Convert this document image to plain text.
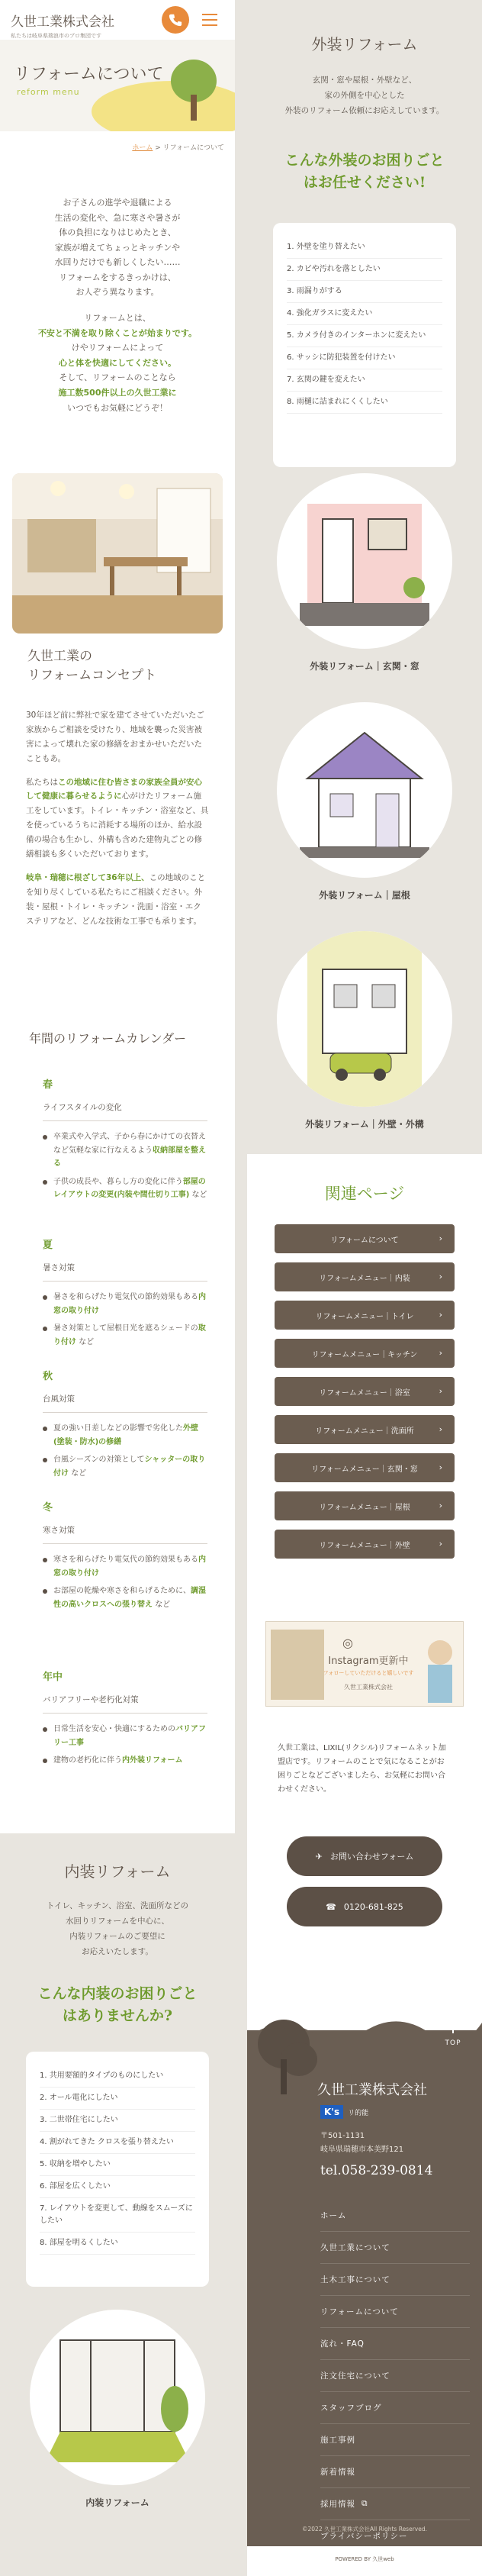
久世工業株式会社
私たちは岐阜県瑞浪市のプロ集団です
リフォームについて
reform menu
ホーム > リフォームについて
お子さんの進学や退職による
生活の変化や、急に寒さや暑さが
体の負担になりはじめたとき、
家族が増えてちょっとキッチンや
水回りだけでも新しくしたい……
リフォームをするきっかけは、
お人ぞう異なります。
リフォームとは、
不安と不満を取り除くことが始まりです。
けやリフォームによって
心と体を快適にしてください。
そして、リフォームのことなら
施工数500件以上の久世工業に
いつでもお気軽にどうぞ！
久世工業の
リフォームコンセプト

30年ほど前に弊社で家を建てさせていただいたご家族からご相談を受けたり、地域を襲った災害被害によって壊れた家の修繕をおまかせいただいたこともあ。

私たちはこの地域に住む皆さまの家族全員が安心して健康に暮らせるように心がけたリフォーム施工をしています。トイレ・キッチン・浴室など、具を使っているうちに消耗する場所のほか、給水設備の場合も生かし、外構も含めた建物丸ごとの修繕相談も多くいただいております。

岐阜・瑞穂に根ざして36年以上、この地域のことを知り尽くしている私たちにご相談ください。外装・屋根・トイレ・キッチン・洗面・浴室・エクステリアなど、どんな技術な工事でも承ります。

年間のリフォームカレンダー
春
ライフスタイルの変化
卒業式や入学式、子から春にかけての衣替え など気軽な家に行なえるよう収納部屋を整える
子供の成長や、暮らし方の変化に伴う部屋のレイアウトの変更(内装や間仕切り工事) など
夏
暑さ対策
暑さを和らげたり電気代の節約効果もある内窓の取り付け
暑さ対策として屋根日光を遮るシェードの取り付け など
秋
台風対策
夏の強い日差しなどの影響で劣化した外壁(塗装・防水)の修繕
台風シーズンの対策としてシャッターの取り付け など
冬
寒さ対策
寒さを和らげたり電気代の節約効果もある内窓の取り付け
お部屋の乾燥や寒さを和らげるために、調湿性の高いクロスへの張り替え など
年中
バリアフリーや老朽化対策
日常生活を安心・快適にするためのバリアフリー工事
建物の老朽化に伴う内外装リフォーム
内装リフォーム
トイレ、キッチン、浴室、洗面所などの
水回りリフォームを中心に、
内装リフォームのご要望に
お応えいたします。
こんな内装のお困りごと
はありませんか?
1. 共用要額的タイプのものにしたい
2. オール電化にしたい
3. 二世帯住宅にしたい
4. 割がれてきた クロスを張り替えたい
5. 収納を増やしたい
6. 部屋を広くしたい
7. レイアウトを変更して、動線をスムーズにしたい
8. 部屋を明るくしたい
内装リフォーム
外装リフォーム
玄関・窓や屋根・外壁など、
家の外側を中心とした
外装のリフォーム依頼にお応えしています。
こんな外装のお困りごと
はお任せください!
1. 外壁を塗り替えたい
2. カビや汚れを落としたい
3. 雨漏りがする
4. 強化ガラスに変えたい
5. カメラ付きのインターホンに変えたい
6. サッシに防犯装置を付けたい
7. 玄関の鍵を変えたい
8. 雨樋に詰まれにくくしたい
外装リフォーム｜玄関・窓
外装リフォーム｜屋根
外装リフォーム｜外壁・外構
関連ページ
リフォームについて	›
リフォームメニュー｜内装	›
リフォームメニュー｜トイレ	›
リフォームメニュー｜キッチン	›
リフォームメニュー｜浴室	›
リフォームメニュー｜洗面所	›
リフォームメニュー｜玄関・窓	›
リフォームメニュー｜屋根	›
リフォームメニュー｜外壁	›
◎
Instagram更新中
フォローしていただけると嬉しいです
久世工業株式会社

久世工業は、LIXIL(リクシル)リフォームネット加盟店です。リフォームのことで気になることがお困りごとなどございましたら、お気軽にお問い合わせください。

✈ お問い合わせフォーム
☎ 0120-681-825
久世工業株式会社
K's	リ的能
〒501-1131
岐阜県瑞穂市本美野121
tel.058-239-0814
ホーム
久世工業について
土木工事について
リフォームについて
流れ・FAQ
注文住宅について
スタッフブログ
施工事例
新着情報
採用情報 ⧉
プライバシーポリシー
©2022 久世工業株式会社All Rights Reserved.
POWERED BY 久世web
TOP
